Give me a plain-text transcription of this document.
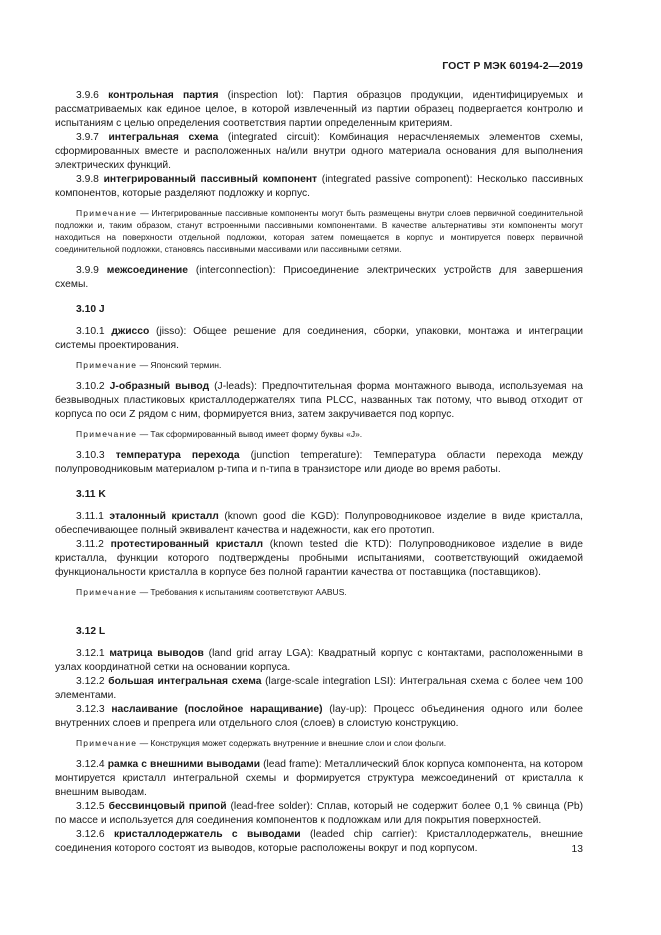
ГОСТ Р МЭК 60194-2—2019

3.9.6 контрольная партия (inspection lot): Партия образцов продукции, идентифицируемых и рассматриваемых как единое целое, в которой извлеченный из партии образец подвергается контролю и испытаниям с целью определения соответствия партии определенным критериям.

3.9.7 интегральная схема (integrated circuit): Комбинация нерасчленяемых элементов схемы, сформированных вместе и расположенных на/или внутри одного материала основания для выполнения электрических функций.

3.9.8 интегрированный пассивный компонент (integrated passive component): Несколько пассивных компонентов, которые разделяют подложку и корпус.

Примечание — Интегрированные пассивные компоненты могут быть размещены внутри слоев первичной соединительной подложки и, таким образом, станут встроенными пассивными компонентами. В качестве альтернативы эти компоненты могут находиться на поверхности отдельной подложки, которая затем помещается в корпус и монтируется поверх первичной соединительной подложки, становясь пассивными массивами или пассивными сетями.

3.9.9 межсоединение (interconnection): Присоединение электрических устройств для завершения схемы.

3.10 J

3.10.1 джиссо (jisso): Общее решение для соединения, сборки, упаковки, монтажа и интеграции системы проектирования.

Примечание — Японский термин.

3.10.2 J-образный вывод (J-leads): Предпочтительная форма монтажного вывода, используемая на безвыводных пластиковых кристаллодержателях типа PLCC, названных так потому, что вывод отходит от корпуса по оси Z рядом с ним, формируется вниз, затем закручивается под корпус.

Примечание — Так сформированный вывод имеет форму буквы «J».

3.10.3 температура перехода (junction temperature): Температура области перехода между полупроводниковым материалом p-типа и n-типа в транзисторе или диоде во время работы.

3.11 K

3.11.1 эталонный кристалл (known good die KGD): Полупроводниковое изделие в виде кристалла, обеспечивающее полный эквивалент качества и надежности, как его прототип.

3.11.2 протестированный кристалл (known tested die KTD): Полупроводниковое изделие в виде кристалла, функции которого подтверждены пробными испытаниями, соответствующий ожидаемой функциональности кристалла в корпусе без полной гарантии качества от поставщика (поставщиков).

Примечание — Требования к испытаниям соответствуют AABUS.

3.12 L

3.12.1 матрица выводов (land grid array LGA): Квадратный корпус с контактами, расположенными в узлах координатной сетки на основании корпуса.

3.12.2 большая интегральная схема (large-scale integration LSI): Интегральная схема с более чем 100 элементами.

3.12.3 наслаивание (послойное наращивание) (lay-up): Процесс объединения одного или более внутренних слоев и препрега или отдельного слоя (слоев) в слоистую конструкцию.

Примечание — Конструкция может содержать внутренние и внешние слои и слои фольги.

3.12.4 рамка с внешними выводами (lead frame): Металлический блок корпуса компонента, на котором монтируется кристалл интегральной схемы и формируется структура межсоединений от кристалла к внешним выводам.

3.12.5 бессвинцовый припой (lead-free solder): Сплав, который не содержит более 0,1 % свинца (Pb) по массе и используется для соединения компонентов к подложкам или для покрытия поверхностей.

3.12.6 кристаллодержатель с выводами (leaded chip carrier): Кристаллодержатель, внешние соединения которого состоят из выводов, которые расположены вокруг и под корпусом.	13
